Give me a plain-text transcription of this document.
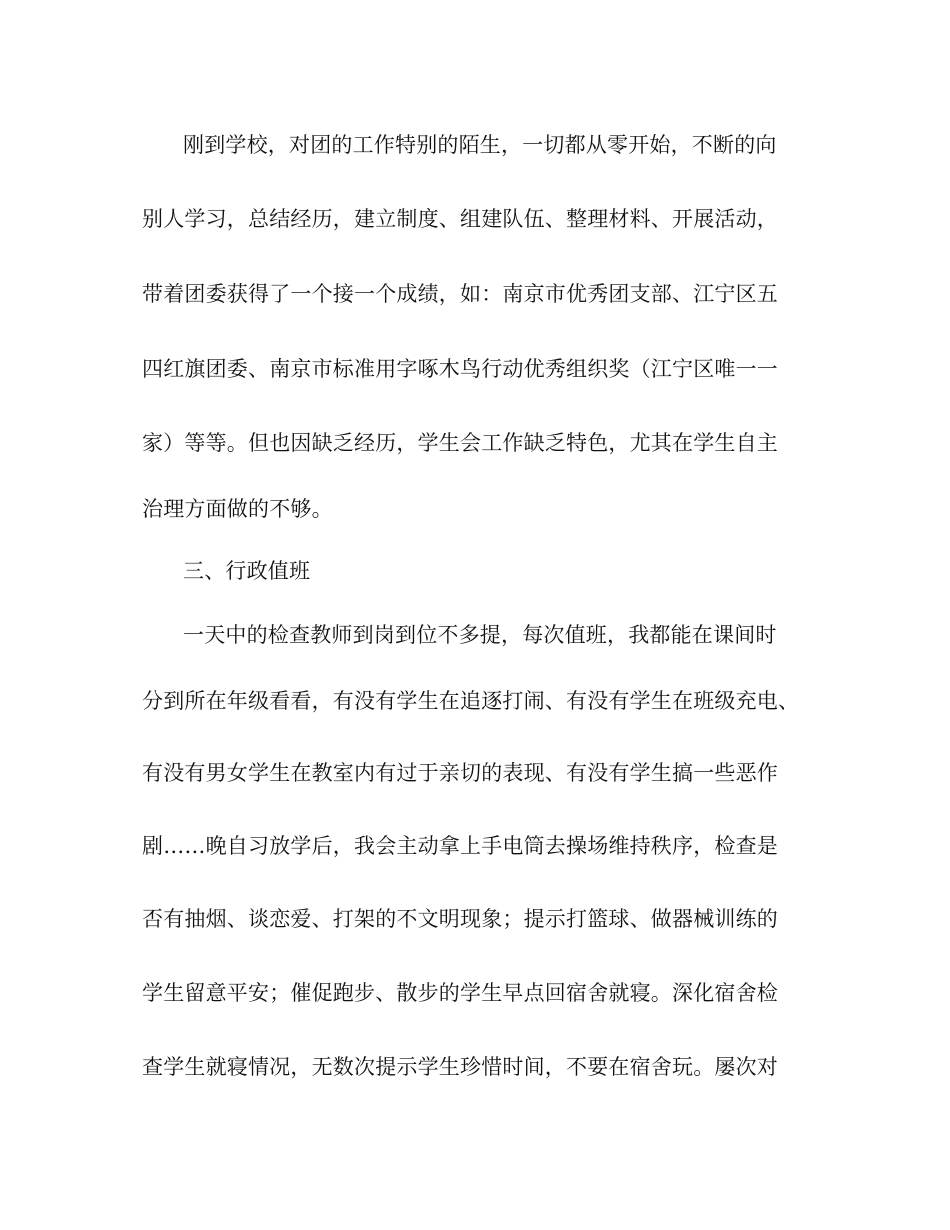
刚到学校，对团的工作特别的陌生，一切都从零开始，不断的向
别人学习，总结经历，建立制度、组建队伍、整理材料、开展活动，
带着团委获得了一个接一个成绩，如：南京市优秀团支部、江宁区五
四红旗团委、南京市标准用字啄木鸟行动优秀组织奖（江宁区唯一一
家）等等。但也因缺乏经历，学生会工作缺乏特色，尤其在学生自主
治理方面做的不够。
三、行政值班
一天中的检查教师到岗到位不多提，每次值班，我都能在课间时
分到所在年级看看，有没有学生在追逐打闹、有没有学生在班级充电、
有没有男女学生在教室内有过于亲切的表现、有没有学生搞一些恶作
剧……晚自习放学后，我会主动拿上手电筒去操场维持秩序，检查是
否有抽烟、谈恋爱、打架的不文明现象；提示打篮球、做器械训练的
学生留意平安；催促跑步、散步的学生早点回宿舍就寝。深化宿舍检
查学生就寝情况，无数次提示学生珍惜时间，不要在宿舍玩。屡次对
